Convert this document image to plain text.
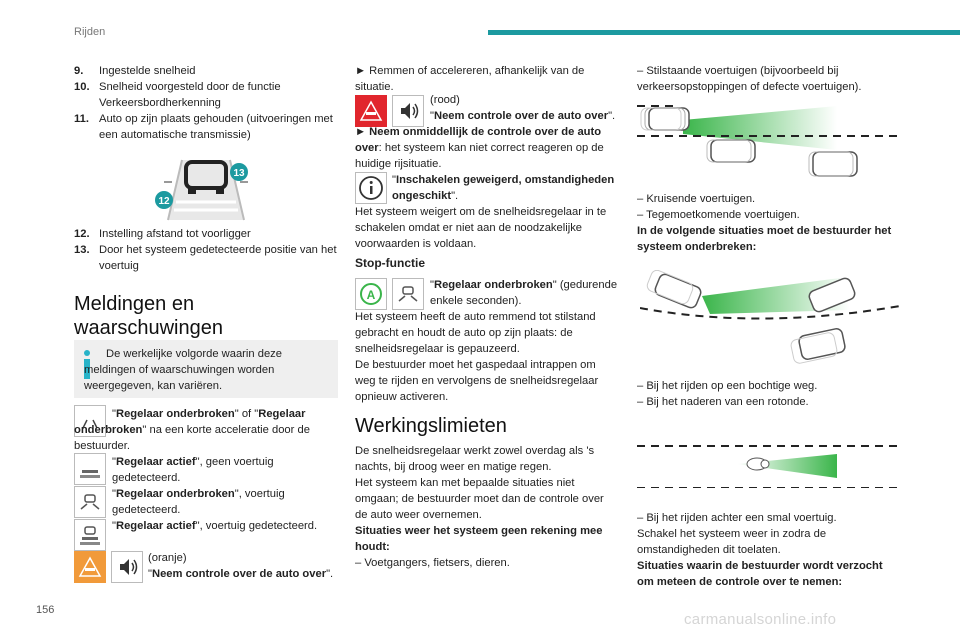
Rijden
9.	Ingestelde snelheid
10. Snelheid voorgesteld door de functie Verkeersbordherkenning
11. Auto op zijn plaats gehouden (uitvoeringen met een automatische transmissie)
13
12
12. Instelling afstand tot voorligger
13. Door het systeem gedetecteerde positie van het voertuig
Meldingen en waarschuwingen
De werkelijke volgorde waarin deze meldingen of waarschuwingen worden weergegeven, kan variëren.
"Regelaar onderbroken" of "Regelaar onderbroken" na een korte acceleratie door de bestuurder.
"Regelaar actief", geen voertuig gedetecteerd.
"Regelaar onderbroken", voertuig gedetecteerd.
"Regelaar actief", voertuig gedetecteerd.
(oranje)
"Neem controle over de auto over".
► Remmen of accelereren, afhankelijk van de situatie.
(rood)
"Neem controle over de auto over".
► Neem onmiddellijk de controle over de auto over: het systeem kan niet correct reageren op de huidige rijsituatie.
"Inschakelen geweigerd, omstandigheden
ongeschikt".
Het systeem weigert om de snelheidsregelaar in te schakelen omdat er niet aan de noodzakelijke voorwaarden is voldaan.
Stop-functie
A
"Regelaar onderbroken" (gedurende
enkele seconden).
Het systeem heeft de auto remmend tot stilstand gebracht en houdt de auto op zijn plaats: de snelheidsregelaar is gepauzeerd.
De bestuurder moet het gaspedaal intrappen om weg te rijden en vervolgens de snelheidsregelaar opnieuw activeren.
Werkingslimieten
De snelheidsregelaar werkt zowel overdag als 's nachts, bij droog weer en matige regen.
Het systeem kan met bepaalde situaties niet omgaan; de bestuurder moet dan de controle over de auto weer overnemen.
Situaties weer het systeem geen rekening mee houdt:
– Voetgangers, fietsers, dieren.
– Stilstaande voertuigen (bijvoorbeeld bij verkeersopstoppingen of defecte voertuigen).
– Kruisende voertuigen.
– Tegemoetkomende voertuigen.
In de volgende situaties moet de bestuurder het systeem onderbreken:
– Bij het rijden op een bochtige weg.
– Bij het naderen van een rotonde.
– Bij het rijden achter een smal voertuig.
Schakel het systeem weer in zodra de omstandigheden dit toelaten.
Situaties waarin de bestuurder wordt verzocht om meteen de controle over te nemen:
156
carmanualsonline.info
